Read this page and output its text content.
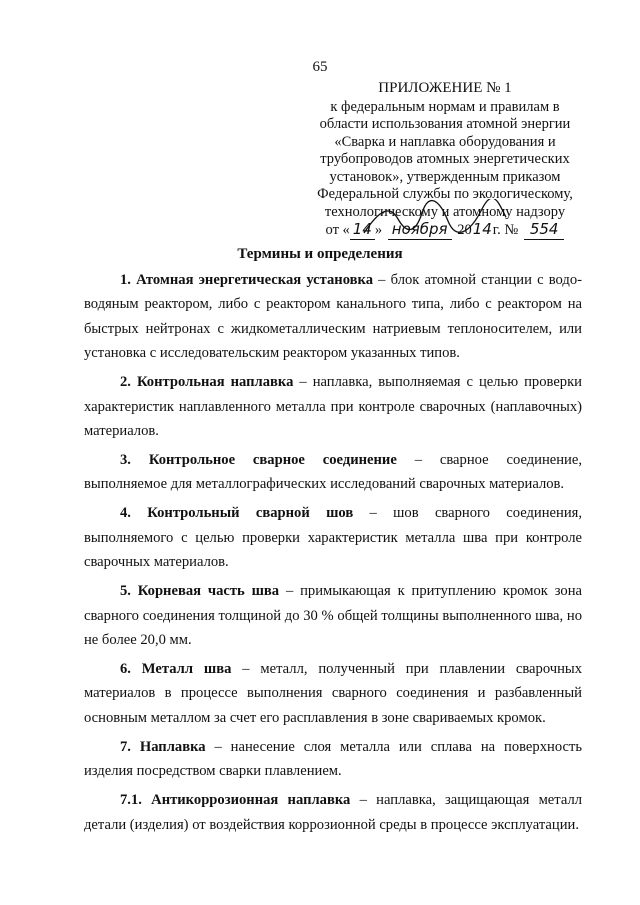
65
ПРИЛОЖЕНИЕ № 1
к федеральным нормам и правилам в
области использования атомной энергии
«Сварка и наплавка оборудования и
трубопроводов атомных энергетических
установок», утвержденным приказом
Федеральной службы по экологическому,
технологическому и атомному надзору
от « 14 » ноября 2014г. № 554
Термины и определения

1. Атомная энергетическая установка – блок атомной станции с водо-водяным реактором, либо с реактором канального типа, либо с реактором на быстрых нейтронах с жидкометаллическим натриевым теплоносителем, или установка с исследовательским реактором указанных типов.

2. Контрольная наплавка – наплавка, выполняемая с целью проверки характеристик наплавленного металла при контроле сварочных (наплавочных) материалов.

3. Контрольное сварное соединение – сварное соединение, выполняемое для металлографических исследований сварочных материалов.

4. Контрольный сварной шов – шов сварного соединения, выполняемого с целью проверки характеристик металла шва при контроле сварочных материалов.

5. Корневая часть шва – примыкающая к притуплению кромок зона сварного соединения толщиной до 30 % общей толщины выполненного шва, но не более 20,0 мм.

6. Металл шва – металл, полученный при плавлении сварочных материалов в процессе выполнения сварного соединения и разбавленный основным металлом за счет его расплавления в зоне свариваемых кромок.

7. Наплавка – нанесение слоя металла или сплава на поверхность изделия посредством сварки плавлением.

7.1. Антикоррозионная наплавка – наплавка, защищающая металл детали (изделия) от воздействия коррозионной среды в процессе эксплуатации.
